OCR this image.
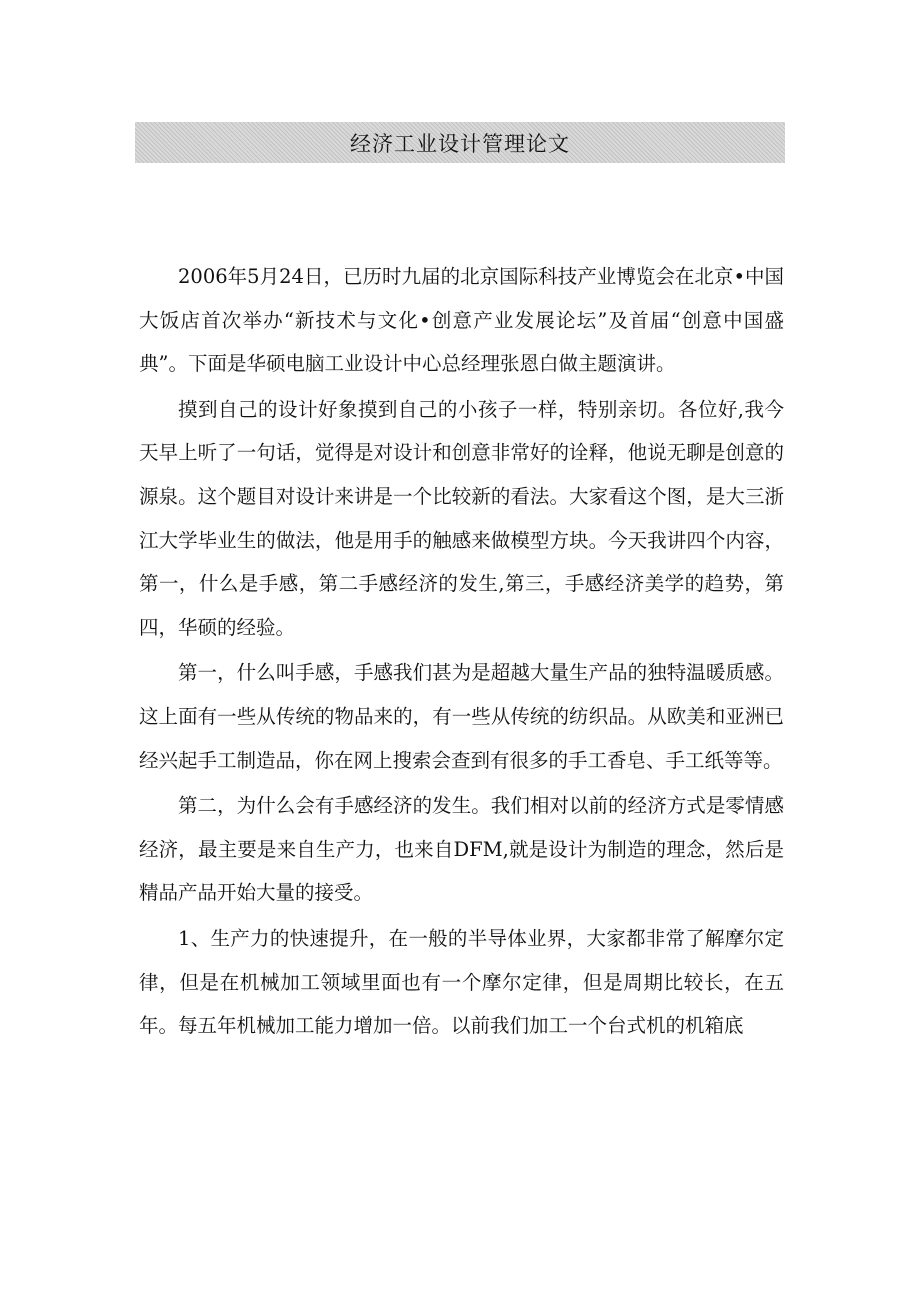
经济工业设计管理论文

2006年5月24日，已历时九届的北京国际科技产业博览会在北京•中国大饭店首次举办“新技术与文化•创意产业发展论坛”及首届“创意中国盛典”。下面是华硕电脑工业设计中心总经理张恩白做主题演讲。

摸到自己的设计好象摸到自己的小孩子一样，特别亲切。各位好,我今天早上听了一句话，觉得是对设计和创意非常好的诠释，他说无聊是创意的源泉。这个题目对设计来讲是一个比较新的看法。大家看这个图，是大三浙江大学毕业生的做法，他是用手的触感来做模型方块。今天我讲四个内容，第一，什么是手感，第二手感经济的发生,第三，手感经济美学的趋势，第四，华硕的经验。

第一，什么叫手感，手感我们甚为是超越大量生产品的独特温暖质感。这上面有一些从传统的物品来的，有一些从传统的纺织品。从欧美和亚洲已经兴起手工制造品，你在网上搜索会查到有很多的手工香皂、手工纸等等。

第二，为什么会有手感经济的发生。我们相对以前的经济方式是零情感经济，最主要是来自生产力，也来自DFM,就是设计为制造的理念，然后是精品产品开始大量的接受。

1、生产力的快速提升，在一般的半导体业界，大家都非常了解摩尔定律，但是在机械加工领域里面也有一个摩尔定律，但是周期比较长，在五年。每五年机械加工能力增加一倍。以前我们加工一个台式机的机箱底
